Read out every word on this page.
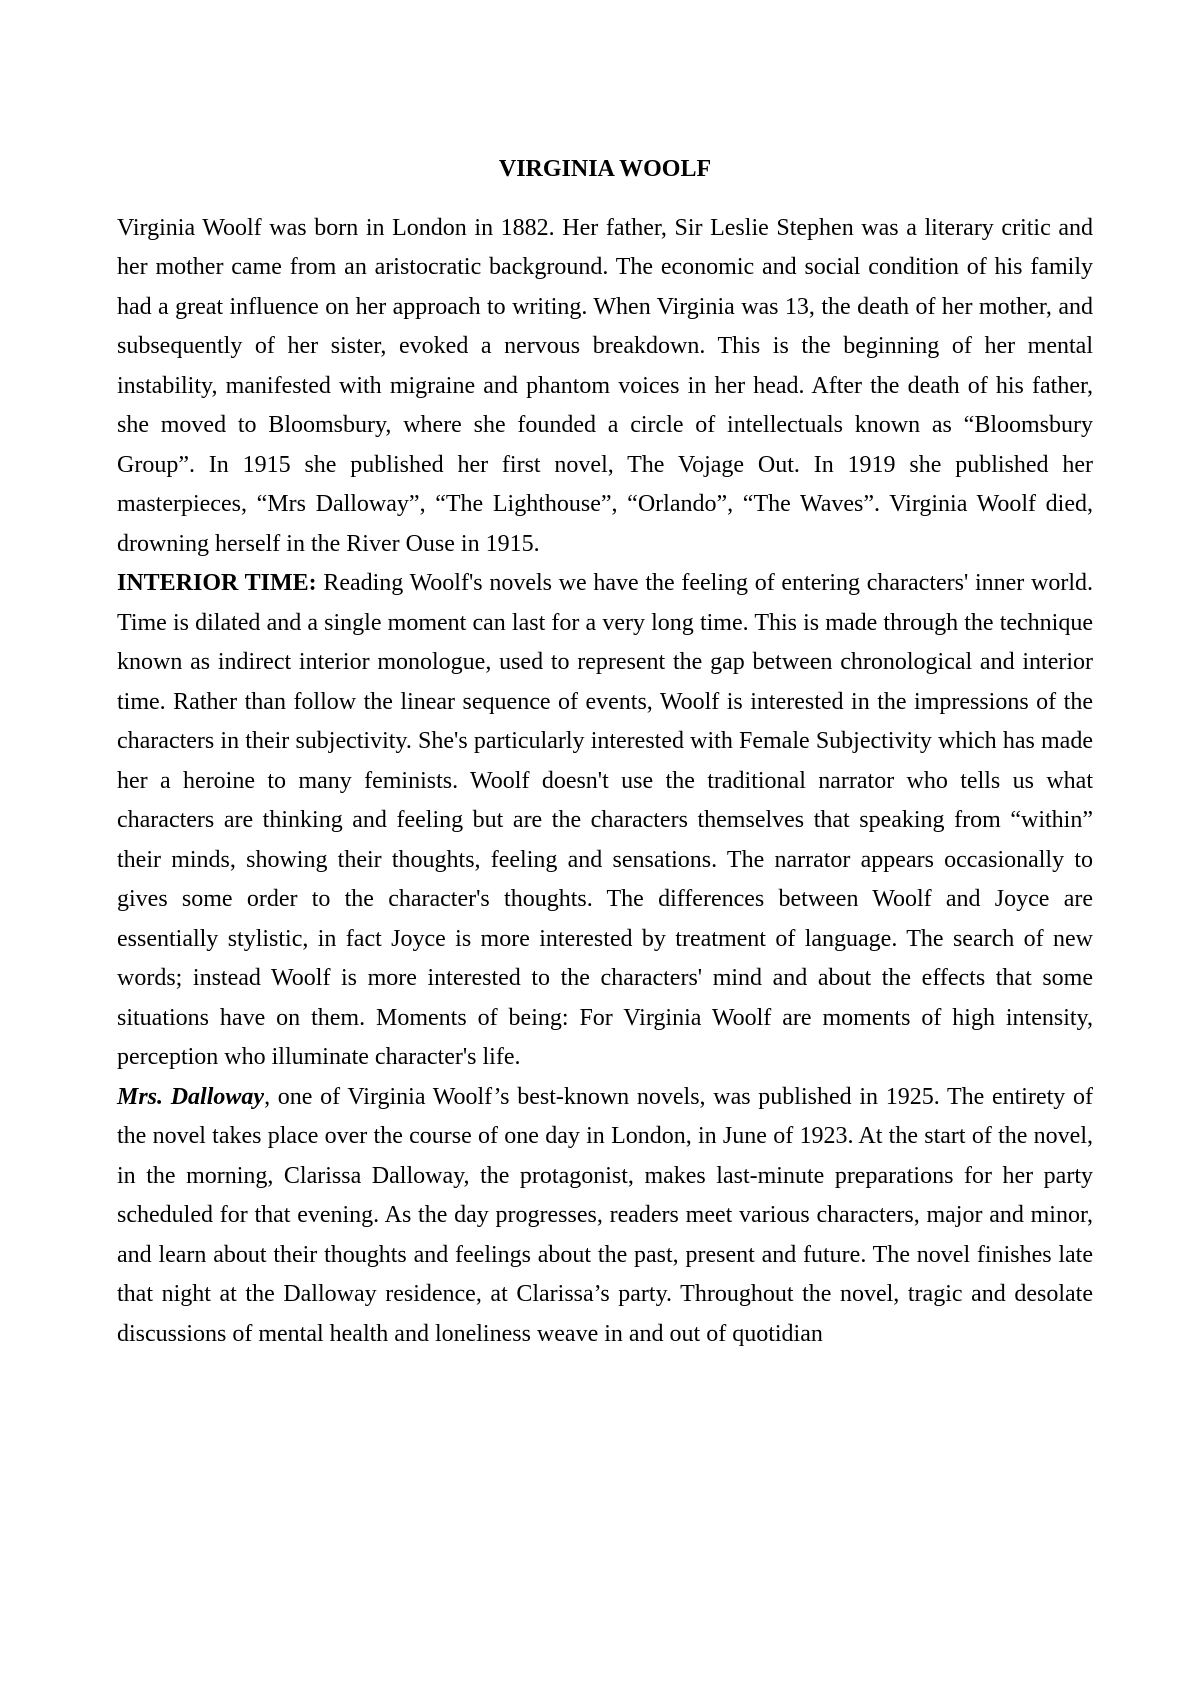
VIRGINIA WOOLF

Virginia Woolf was born in London in 1882. Her father, Sir Leslie Stephen was a literary critic and her mother came from an aristocratic background. The economic and social condition of his family had a great influence on her approach to writing. When Virginia was 13, the death of her mother, and subsequently of her sister, evoked a nervous breakdown. This is the beginning of her mental instability, manifested with migraine and phantom voices in her head. After the death of his father, she moved to Bloomsbury, where she founded a circle of intellectuals known as “Bloomsbury Group”. In 1915 she published her first novel, The Vojage Out. In 1919 she published her masterpieces, “Mrs Dalloway”, “The Lighthouse”, “Orlando”, “The Waves”. Virginia Woolf died, drowning herself in the River Ouse in 1915.

INTERIOR TIME: Reading Woolf's novels we have the feeling of entering characters' inner world. Time is dilated and a single moment can last for a very long time. This is made through the technique known as indirect interior monologue, used to represent the gap between chronological and interior time. Rather than follow the linear sequence of events, Woolf is interested in the impressions of the characters in their subjectivity. She's particularly interested with Female Subjectivity which has made her a heroine to many feminists. Woolf doesn't use the traditional narrator who tells us what characters are thinking and feeling but are the characters themselves that speaking from “within” their minds, showing their thoughts, feeling and sensations. The narrator appears occasionally to gives some order to the character's thoughts. The differences between Woolf and Joyce are essentially stylistic, in fact Joyce is more interested by treatment of language. The search of new words; instead Woolf is more interested to the characters' mind and about the effects that some situations have on them. Moments of being: For Virginia Woolf are moments of high intensity, perception who illuminate character's life.

Mrs. Dalloway, one of Virginia Woolf’s best-known novels, was published in 1925. The entirety of the novel takes place over the course of one day in London, in June of 1923. At the start of the novel, in the morning, Clarissa Dalloway, the protagonist, makes last-minute preparations for her party scheduled for that evening. As the day progresses, readers meet various characters, major and minor, and learn about their thoughts and feelings about the past, present and future. The novel finishes late that night at the Dalloway residence, at Clarissa’s party. Throughout the novel, tragic and desolate discussions of mental health and loneliness weave in and out of quotidian
